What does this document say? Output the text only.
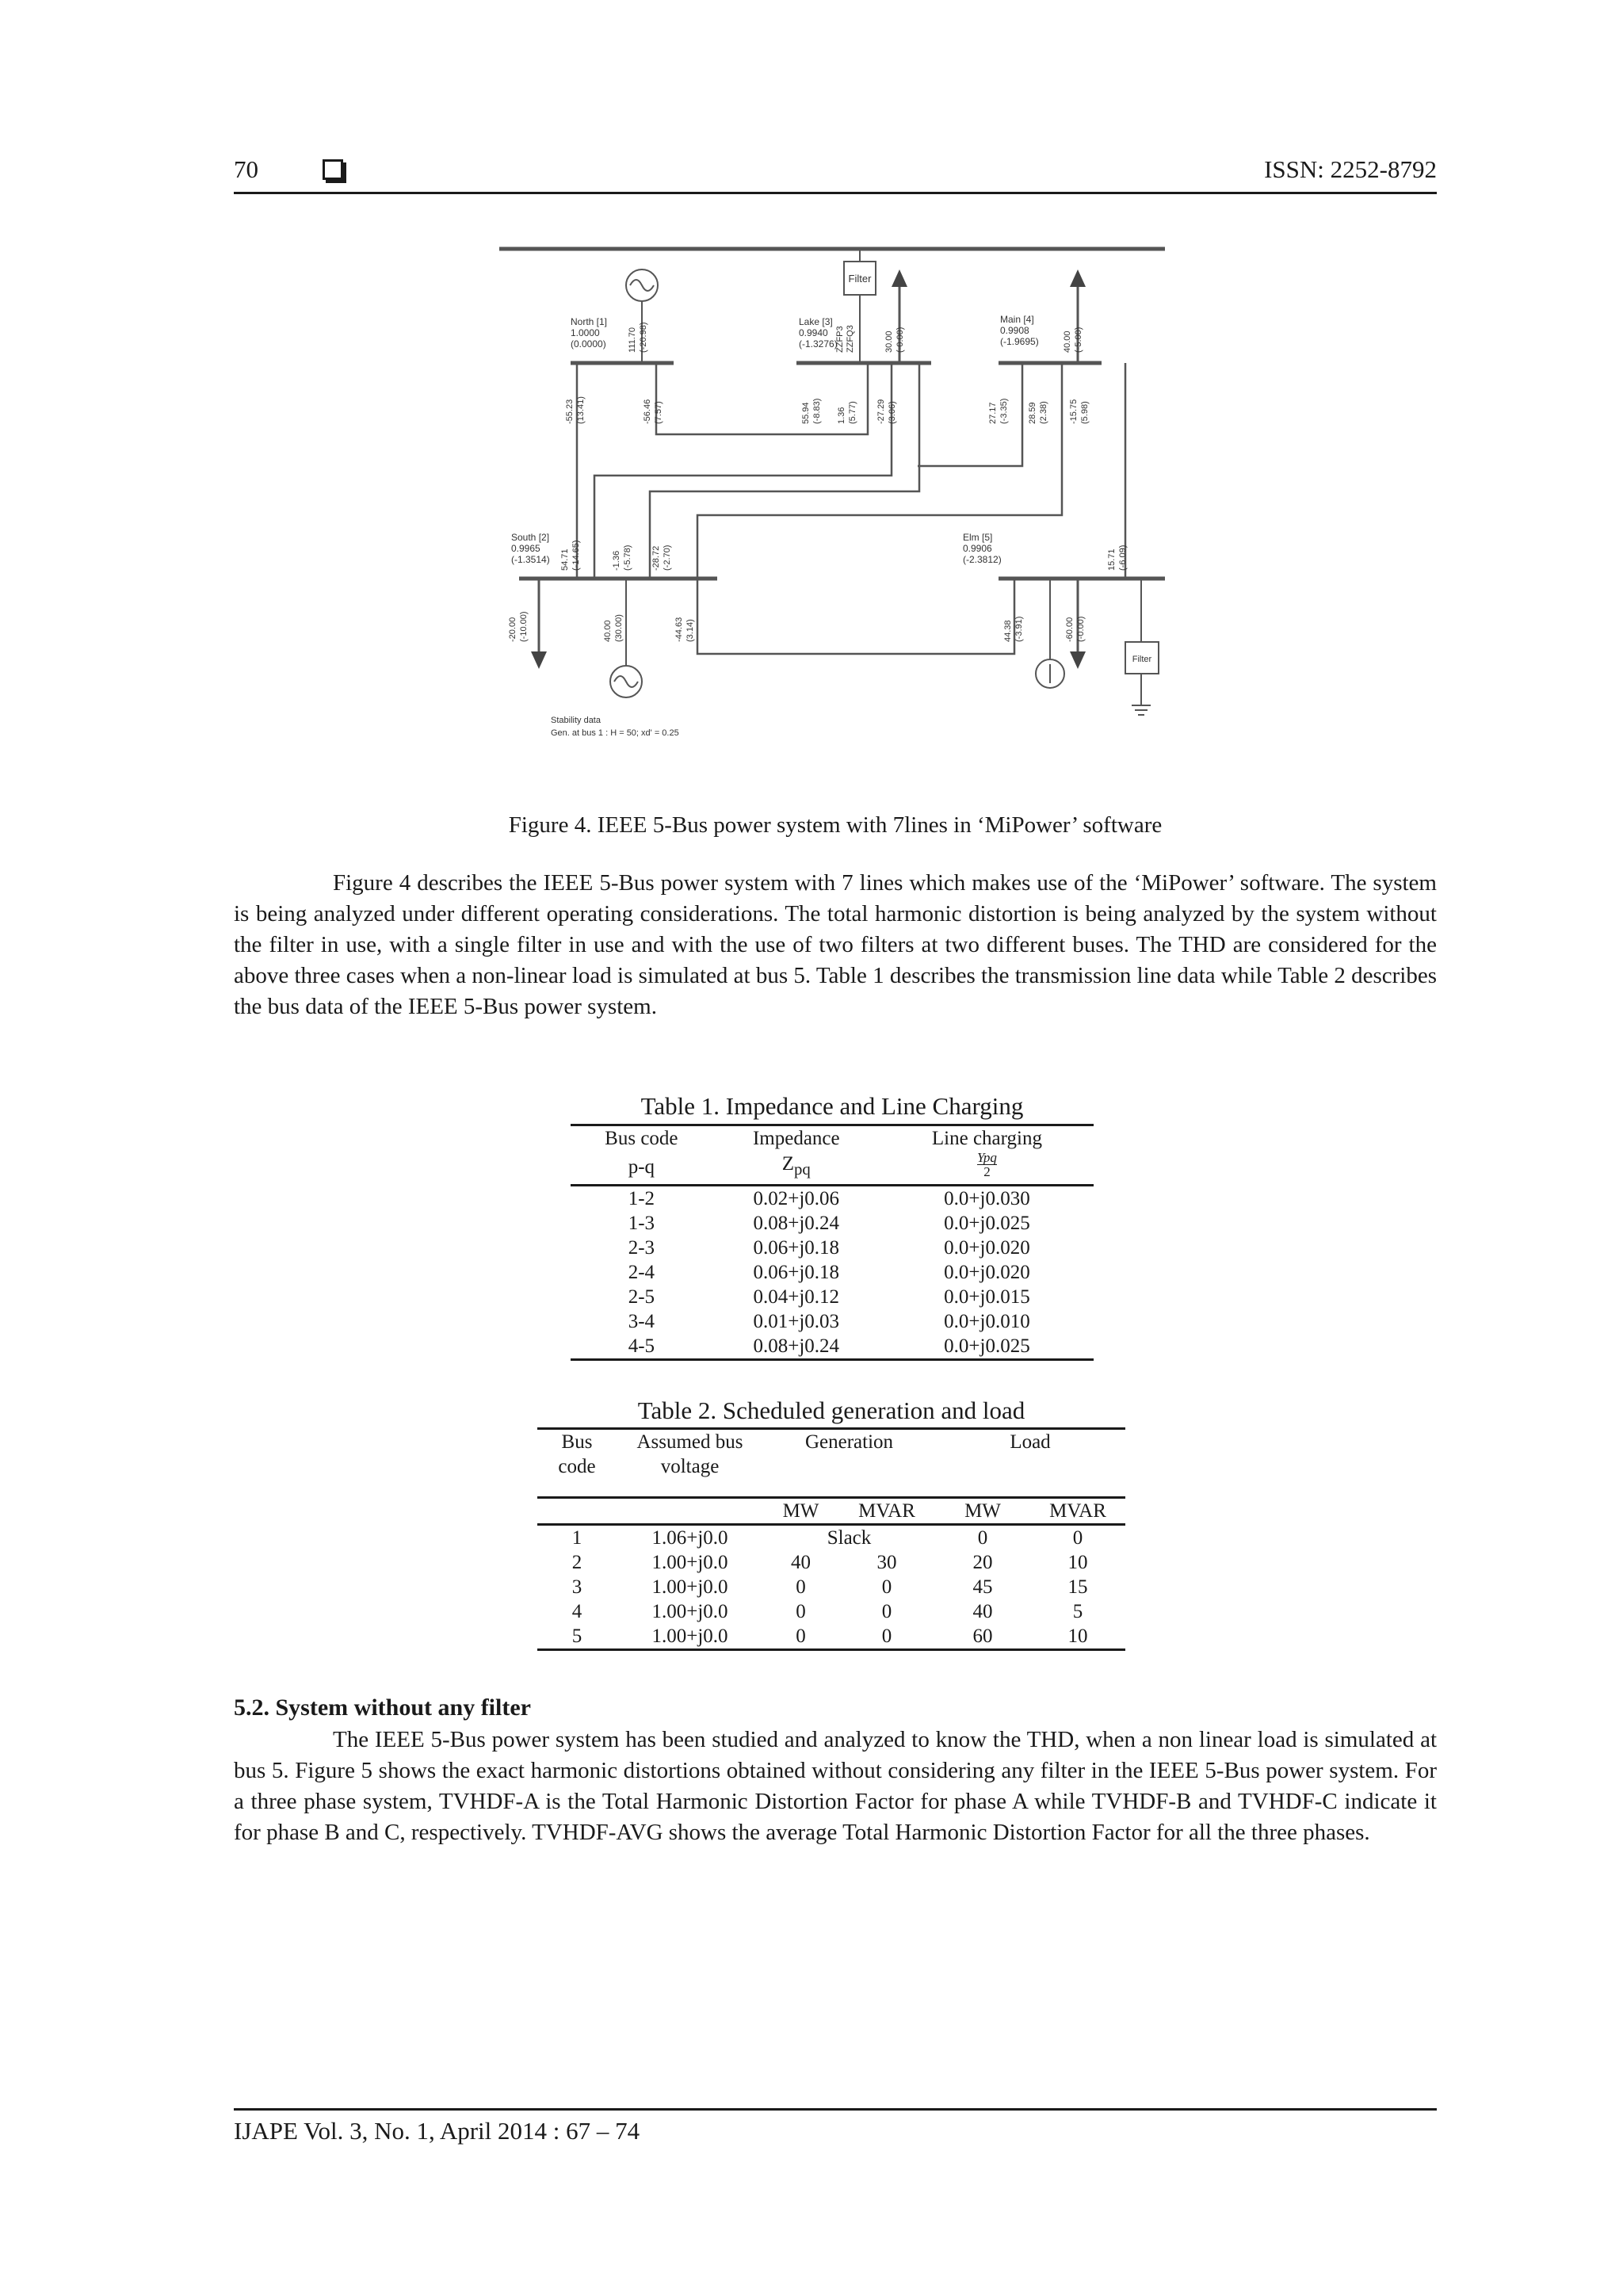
70	ISSN: 2252-8792
Filter
Filter
North [1]
1.0000
(0.0000)
Lake [3]
0.9940
(-1.3276)
Main [4]
0.9908
(-1.9695)
South [2]
0.9965
(-1.3514)
Elm [5]
0.9906
(-2.3812)
111.70 (-20.98)
-55.23 (13.41)	-56.46 (7.57)
ZZFP3 ZZFQ3	30.00 (-0.00)
55.94 (-8.83) 1.36 (5.77) -27.29 (3.06)
40.00 (-5.00)
27.17 (-3.35) 28.59 (2.38) -15.75 (5.98)
54.71 (-14.65)	-1.36 (-5.78) -28.72 (-2.70)
-20.00 (-10.00)	40.00 (30.00)	-44.63 (3.14)
15.71 (-6.09)
44.38 (-3.91)	-60.00 (-0.00)
Stability data
Gen. at bus 1 : H = 50; xd' = 0.25
Figure 4. IEEE 5-Bus power system with 7lines in ‘MiPower’ software

Figure 4 describes the IEEE 5-Bus power system with 7 lines which makes use of the ‘MiPower’ software. The system is being analyzed under different operating considerations. The total harmonic distortion is being analyzed by the system without the filter in use, with a single filter in use and with the use of two filters at two different buses. The THD are considered for the above three cases when a non-linear load is simulated at bus 5. Table 1 describes the transmission line data while Table 2 describes the bus data of the IEEE 5-Bus power system.

Table 1. Impedance and Line Charging
Bus code	Impedance	Line charging
p-q	$Z_{pq}$	$\frac{\text{Ypq}}{2}$

1-2	0.02+j0.06	0.0+j0.030
1-3	0.08+j0.24	0.0+j0.025
2-3	0.06+j0.18	0.0+j0.020
2-4	0.06+j0.18	0.0+j0.020
2-5	0.04+j0.12	0.0+j0.015
3-4	0.01+j0.03	0.0+j0.010
4-5	0.08+j0.24	0.0+j0.025
Table 2. Scheduled generation and load
Bus	Assumed bus	Generation		Load	
code	voltage				

		MW	MVAR	MW	MVAR
1	1.06+j0.0	Slack		0	0
2	1.00+j0.0	40	30	20	10
3	1.00+j0.0	0	0	45	15
4	1.00+j0.0	0	0	40	5
5	1.00+j0.0	0	0	60	10
5.2. System without any filter

The IEEE 5-Bus power system has been studied and analyzed to know the THD, when a non linear load is simulated at bus 5. Figure 5 shows the exact harmonic distortions obtained without considering any filter in the IEEE 5-Bus power system. For a three phase system, TVHDF-A is the Total Harmonic Distortion Factor for phase A while TVHDF-B and TVHDF-C indicate it for phase B and C, respectively. TVHDF-AVG shows the average Total Harmonic Distortion Factor for all the three phases.

IJAPE Vol. 3, No. 1, April 2014 : 67 – 74
